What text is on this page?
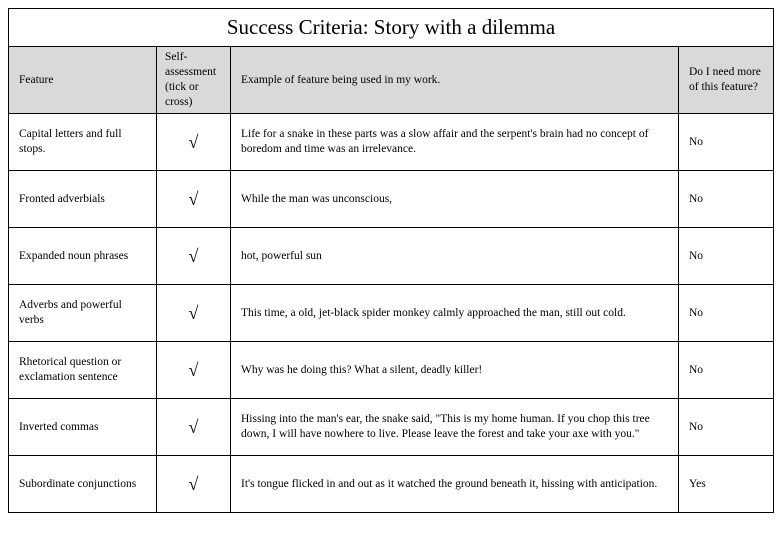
Success Criteria: Story with a dilemma			
Feature	Self-assessment (tick or cross)	Example of feature being used in my work.	Do I need more of this feature?
Capital letters and full stops.	√	Life for a snake in these parts was a slow affair and the serpent's brain had no concept of boredom and time was an irrelevance.	No
Fronted adverbials	√	While the man was unconscious,	No
Expanded noun phrases	√	hot, powerful sun	No
Adverbs and powerful verbs	√	This time, a old, jet-black spider monkey calmly approached the man, still out cold.	No
Rhetorical question or exclamation sentence	√	Why was he doing this? What a silent, deadly killer!	No
Inverted commas	√	Hissing into the man's ear, the snake said, "This is my home human. If you chop this tree down, I will have nowhere to live. Please leave the forest and take your axe with you."	No
Subordinate conjunctions	√	It's tongue flicked in and out as it watched the ground beneath it, hissing with anticipation.	Yes
